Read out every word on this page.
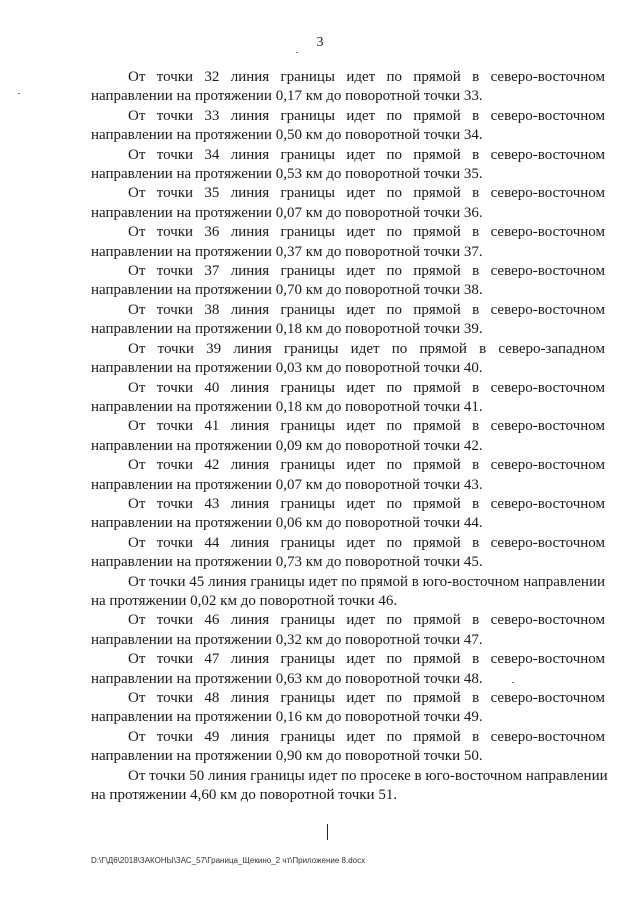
3

От точки 32 линия границы идет по прямой в северо-восточном
направлении на протяжении 0,17 км до поворотной точки 33.

От точки 33 линия границы идет по прямой в северо-восточном
направлении на протяжении 0,50 км до поворотной точки 34.

От точки 34 линия границы идет по прямой в северо-восточном
направлении на протяжении 0,53 км до поворотной точки 35.

От точки 35 линия границы идет по прямой в северо-восточном
направлении на протяжении 0,07 км до поворотной точки 36.

От точки 36 линия границы идет по прямой в северо-восточном
направлении на протяжении 0,37 км до поворотной точки 37.

От точки 37 линия границы идет по прямой в северо-восточном
направлении на протяжении 0,70 км до поворотной точки 38.

От точки 38 линия границы идет по прямой в северо-восточном
направлении на протяжении 0,18 км до поворотной точки 39.

От точки 39 линия границы идет по прямой в северо-западном
направлении на протяжении 0,03 км до поворотной точки 40.

От точки 40 линия границы идет по прямой в северо-восточном
направлении на протяжении 0,18 км до поворотной точки 41.

От точки 41 линия границы идет по прямой в северо-восточном
направлении на протяжении 0,09 км до поворотной точки 42.

От точки 42 линия границы идет по прямой в северо-восточном
направлении на протяжении 0,07 км до поворотной точки 43.

От точки 43 линия границы идет по прямой в северо-восточном
направлении на протяжении 0,06 км до поворотной точки 44.

От точки 44 линия границы идет по прямой в северо-восточном
направлении на протяжении 0,73 км до поворотной точки 45.

От точки 45 линия границы идет по прямой в юго-восточном направлении
на протяжении 0,02 км до поворотной точки 46.

От точки 46 линия границы идет по прямой в северо-восточном
направлении на протяжении 0,32 км до поворотной точки 47.

От точки 47 линия границы идет по прямой в северо-восточном
направлении на протяжении 0,63 км до поворотной точки 48.

От точки 48 линия границы идет по прямой в северо-восточном
направлении на протяжении 0,16 км до поворотной точки 49.

От точки 49 линия границы идет по прямой в северо-восточном
направлении на протяжении 0,90 км до поворотной точки 50.

От точки 50 линия границы идет по просеке в юго-восточном направлении
на протяжении 4,60 км до поворотной точки 51.

D:\Г\Д6\2018\ЗАКОНЫ\ЗАС_57\Граница_Щекино_2 чт\Приложение 8.docx
